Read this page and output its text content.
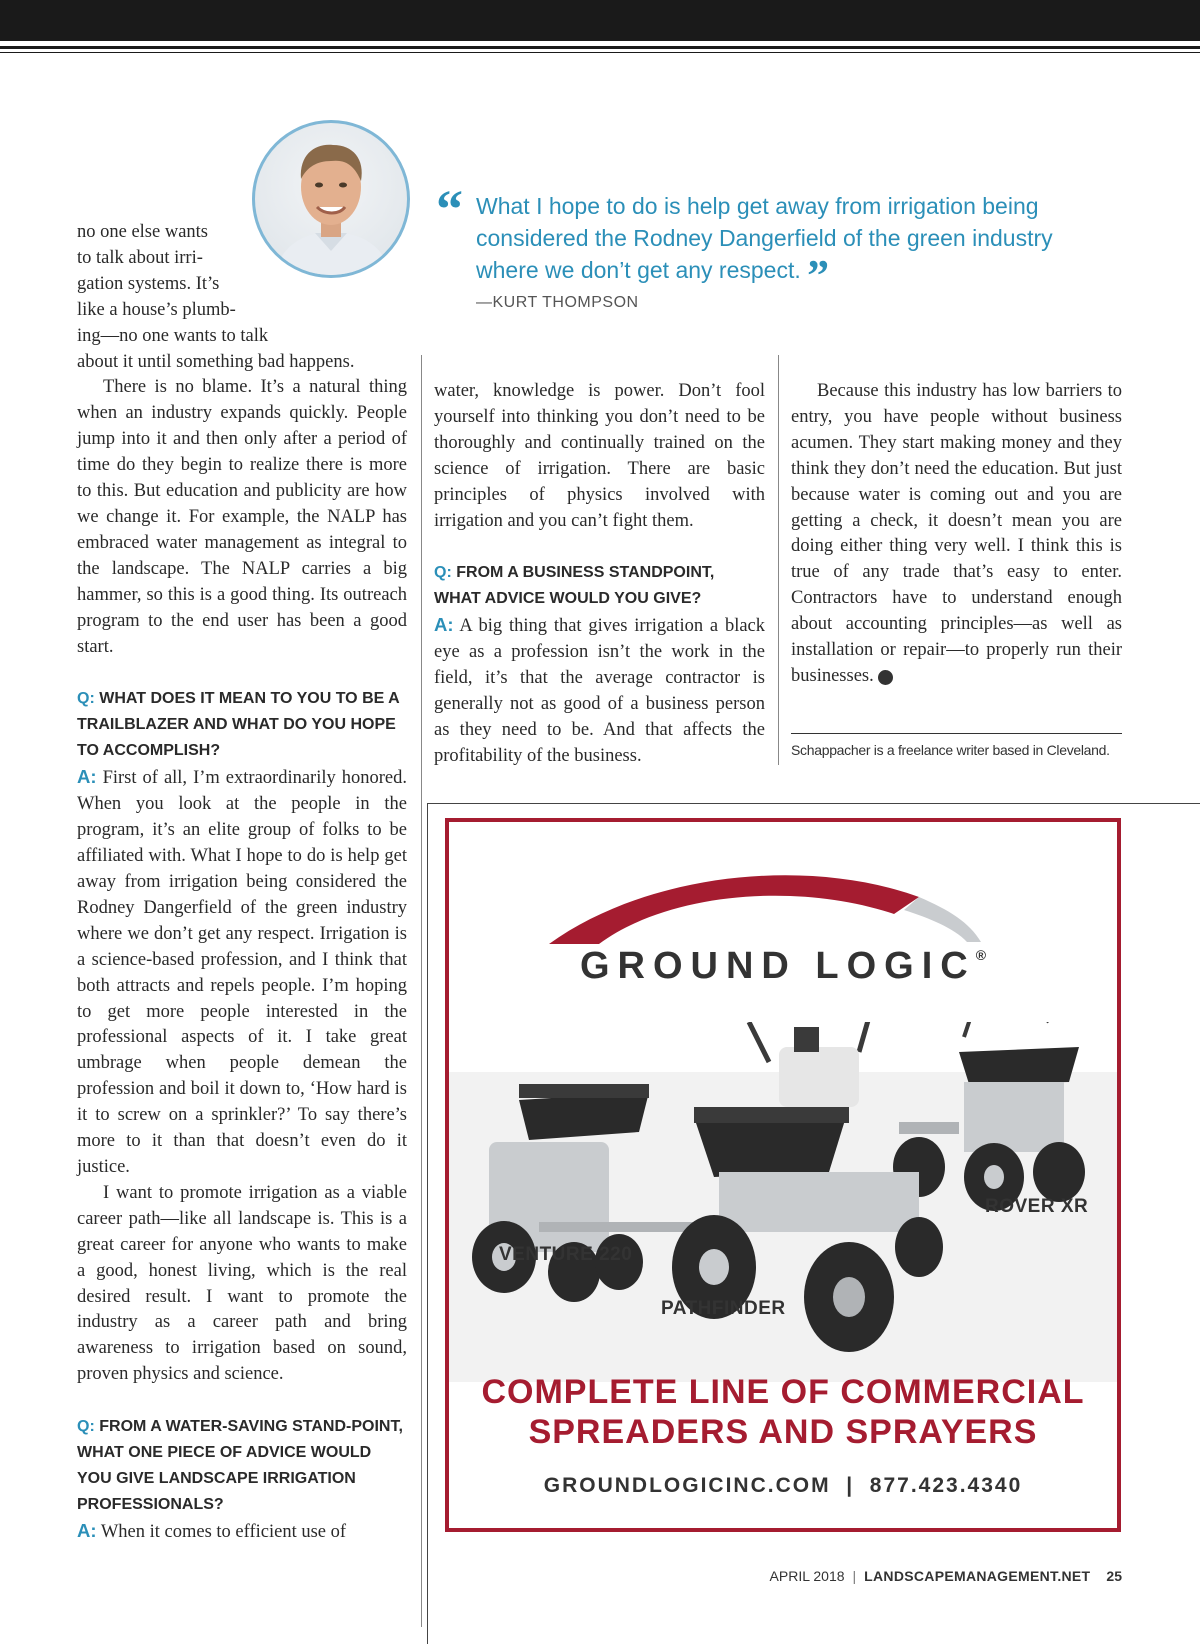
“ What I hope to do is help get away from irrigation being considered the Rodney Dangerfield of the green industry where we don’t get any respect. ”
—KURT THOMPSON

no one else wants
to talk about irri-
gation systems. It’s
like a house’s plumb-
ing—no one wants to talk
about it until something bad happens.

There is no blame. It’s a natural thing when an industry expands quickly. People jump into it and then only after a period of time do they begin to realize there is more to this. But education and publicity are how we change it. For example, the NALP has embraced water management as integral to the landscape. The NALP carries a big hammer, so this is a good thing. Its outreach program to the end user has been a good start.

Q: WHAT DOES IT MEAN TO YOU TO BE A TRAILBLAZER AND WHAT DO YOU HOPE TO ACCOMPLISH?

A: First of all, I’m extraordinarily honored. When you look at the people in the program, it’s an elite group of folks to be affiliated with. What I hope to do is help get away from irrigation being considered the Rodney Dangerfield of the green industry where we don’t get any respect. Irrigation is a science-based profession, and I think that both attracts and repels people. I’m hoping to get more people interested in the professional aspects of it. I take great umbrage when people demean the profession and boil it down to, ‘How hard is it to screw on a sprinkler?’ To say there’s more to it than that doesn’t even do it justice.

I want to promote irrigation as a viable career path—like all landscape is. This is a great career for anyone who wants to make a good, honest living, which is the real desired result. I want to promote the industry as a career path and bring awareness to irrigation based on sound, proven physics and science.

Q: FROM A WATER-SAVING STAND-POINT, WHAT ONE PIECE OF ADVICE WOULD YOU GIVE LANDSCAPE IRRIGATION PROFESSIONALS?

A: When it comes to efficient use of

water, knowledge is power. Don’t fool yourself into thinking you don’t need to be thoroughly and continually trained on the science of irrigation. There are basic principles of physics involved with irrigation and you can’t fight them.

Q: FROM A BUSINESS STANDPOINT, WHAT ADVICE WOULD YOU GIVE?

A: A big thing that gives irrigation a black eye as a profession isn’t the work in the field, it’s that the average contractor is generally not as good of a business person as they need to be. And that affects the profitability of the business.

Because this industry has low barriers to entry, you have people without business acumen. They start making money and they think they don’t need the education. But just because water is coming out and you are getting a check, it doesn’t mean you are doing either thing very well. I think this is true of any trade that’s easy to enter. Contractors have to understand enough about accounting principles—as well as installation or repair—to properly run their businesses.	LM

Schappacher is a freelance writer based in Cleveland.
GROUND LOGIC®
VENTURE 220
PATHFINDER
ROVER XR
COMPLETE LINE OF COMMERCIAL
SPREADERS AND SPRAYERS
GROUNDLOGICINC.COM  |  877.423.4340
APRIL 2018 | LANDSCAPEMANAGEMENT.NET 25
